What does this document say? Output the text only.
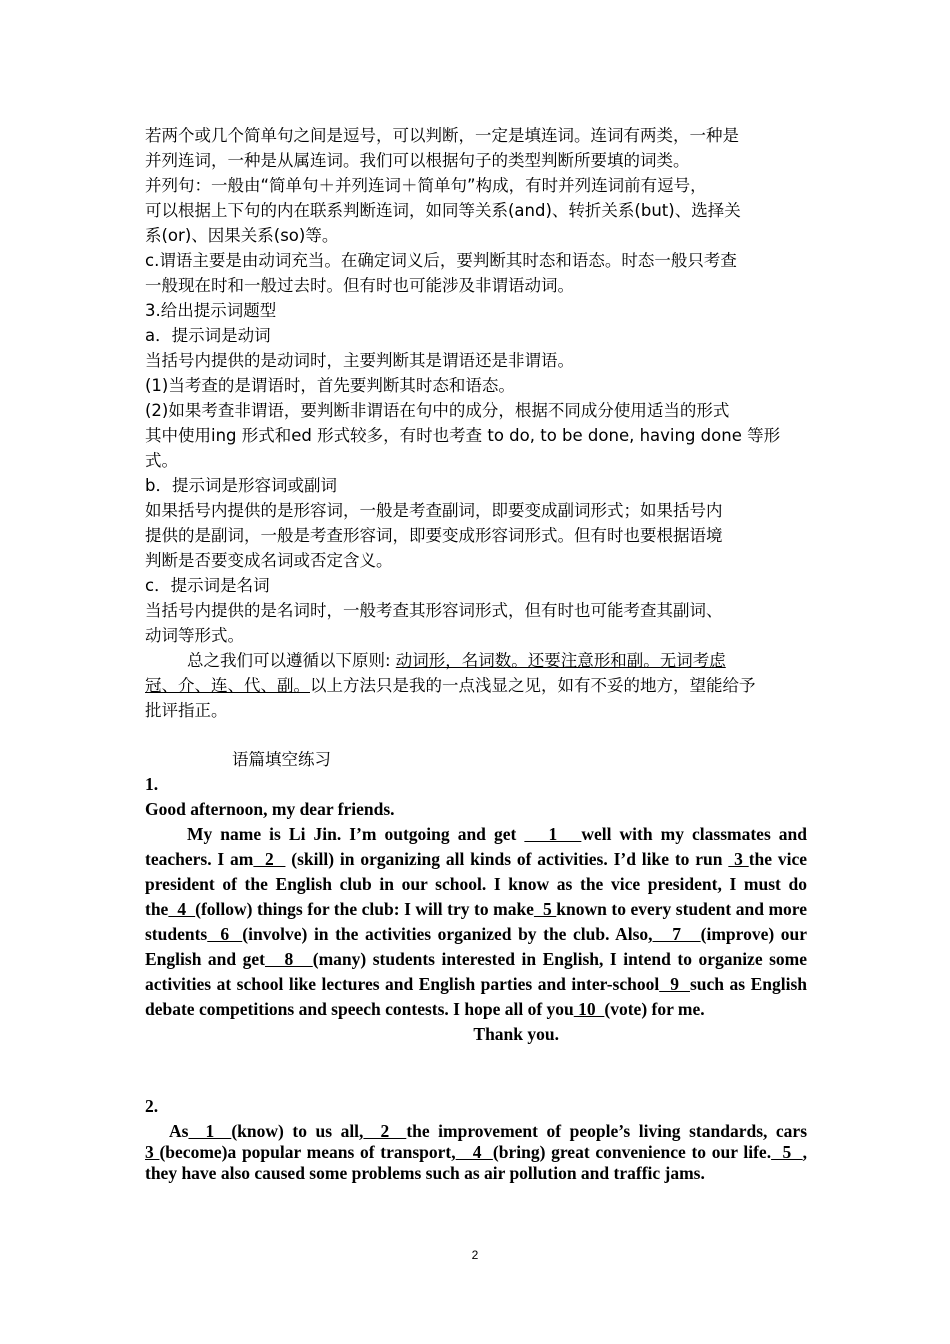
若两个或几个简单句之间是逗号，可以判断，一定是填连词。连词有两类，一种是

并列连词，一种是从属连词。我们可以根据句子的类型判断所要填的词类。

并列句：一般由“简单句＋并列连词＋简单句”构成，有时并列连词前有逗号，

可以根据上下句的内在联系判断连词，如同等关系(and)、转折关系(but)、选择关

系(or)、因果关系(so)等。

c.谓语主要是由动词充当。在确定词义后，要判断其时态和语态。时态一般只考查

一般现在时和一般过去时。但有时也可能涉及非谓语动词。

3.给出提示词题型

a．提示词是动词

当括号内提供的是动词时，主要判断其是谓语还是非谓语。

(1)当考查的是谓语时，首先要判断其时态和语态。

(2)如果考查非谓语，要判断非谓语在句中的成分，根据不同成分使用适当的形式

其中使用ing 形式和ed 形式较多，有时也考查 to do, to be done, having done 等形

式。

b．提示词是形容词或副词

如果括号内提供的是形容词，一般是考查副词，即要变成副词形式；如果括号内

提供的是副词，一般是考查形容词，即要变成形容词形式。但有时也要根据语境

判断是否要变成名词或否定含义。

c．提示词是名词

当括号内提供的是名词时，一般考查其形容词形式，但有时也可能考查其副词、

动词等形式。

总之我们可以遵循以下原则: 动词形，名词数。还要注意形和副。无词考虑

冠、介、连、代、副。以上方法只是我的一点浅显之见，如有不妥的地方，望能给予

批评指正。

语篇填空练习

1.

Good afternoon, my dear friends.

My name is Li Jin. I’m outgoing and get    1   well with my classmates and teachers. I am  2   (skill) in organizing all kinds of activities. I’d like to run  3 the vice president of the English club in our school. I know as the vice president, I must do the  4  (follow) things for the club: I will try to make  5 known to every student and more students  6  (involve) in the activities organized by the club. Also,   7   (improve) our English and get   8   (many) students interested in English, I intend to organize some activities at school like lectures and English parties and inter-school  9  such as English debate competitions and speech contests. I hope all of you 10  (vote) for me.

Thank you.

2.

As  1  (know) to us all,  2  the improvement of people’s living standards, cars 3 (become)a popular means of transport,   4  (bring) great convenience to our life.  5  , they have also caused some problems such as air pollution and traffic jams.

2
